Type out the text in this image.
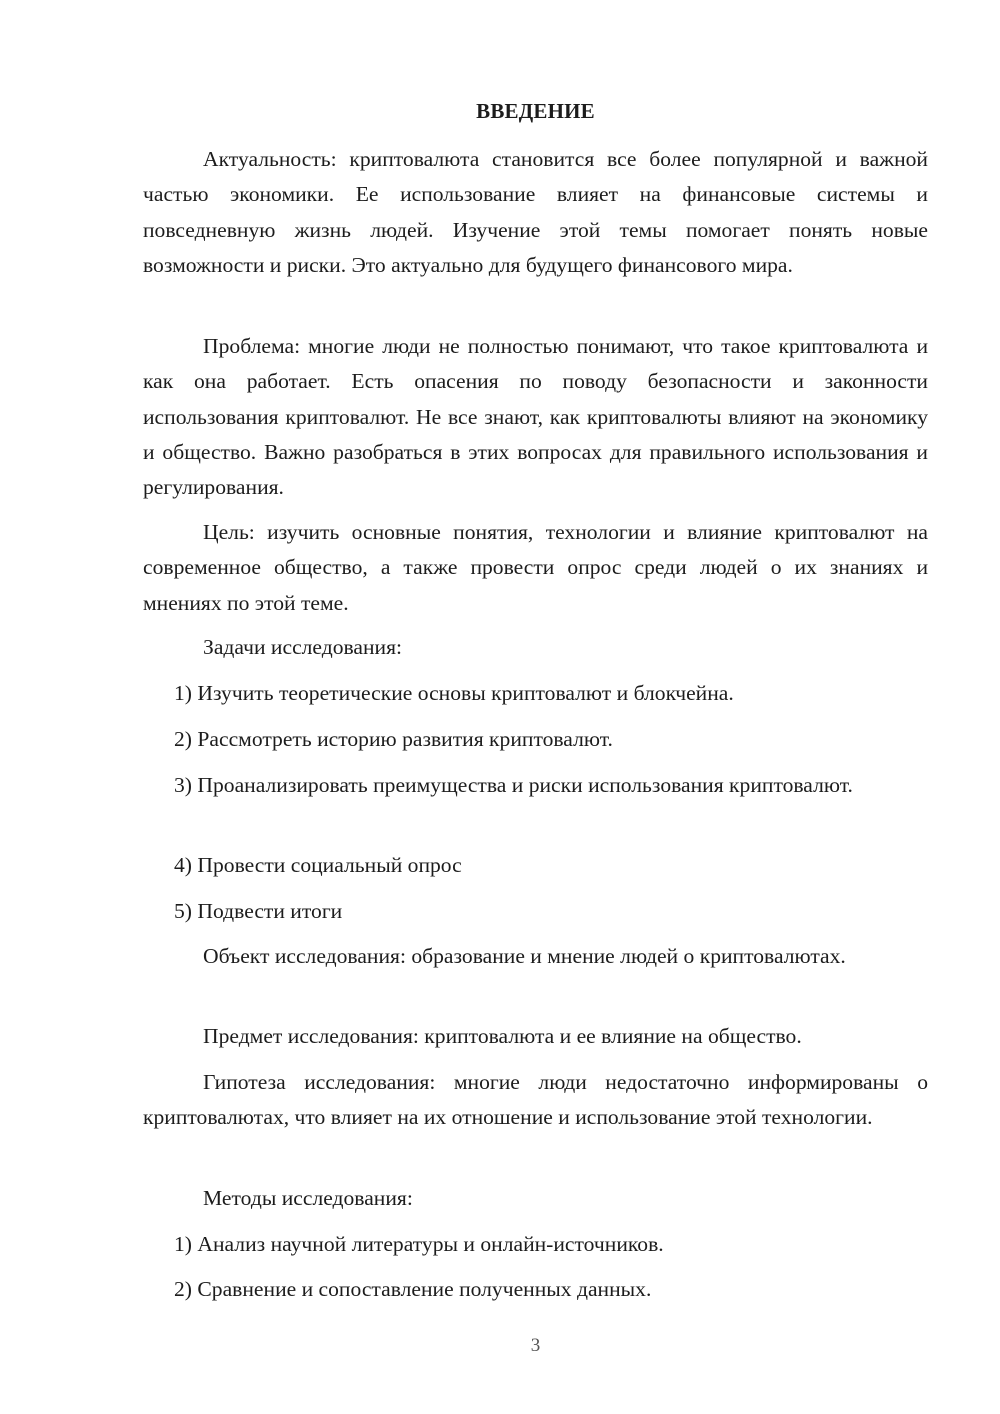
ВВЕДЕНИЕ

Актуальность: криптовалюта становится все более популярной и важной частью экономики. Ее использование влияет на финансовые системы и повседневную жизнь людей. Изучение этой темы помогает понять новые возможности и риски. Это актуально для будущего финансового мира.

Проблема: многие люди не полностью понимают, что такое криптовалюта и как она работает. Есть опасения по поводу безопасности и законности использования криптовалют. Не все знают, как криптовалюты влияют на экономику и общество. Важно разобраться в этих вопросах для правильного использования и регулирования.

Цель: изучить основные понятия, технологии и влияние криптовалют на современное общество, а также провести опрос среди людей о их знаниях и мнениях по этой теме.

Задачи исследования:

1) Изучить теоретические основы криптовалют и блокчейна.

2) Рассмотреть историю развития криптовалют.

3) Проанализировать преимущества и риски использования криптовалют.

4) Провести социальный опрос

5) Подвести итоги

Объект исследования: образование и мнение людей о криптовалютах.

Предмет исследования: криптовалюта и ее влияние на общество.

Гипотеза исследования: многие люди недостаточно информированы о криптовалютах, что влияет на их отношение и использование этой технологии.

Методы исследования:

1) Анализ научной литературы и онлайн-источников.

2) Сравнение и сопоставление полученных данных.

3
